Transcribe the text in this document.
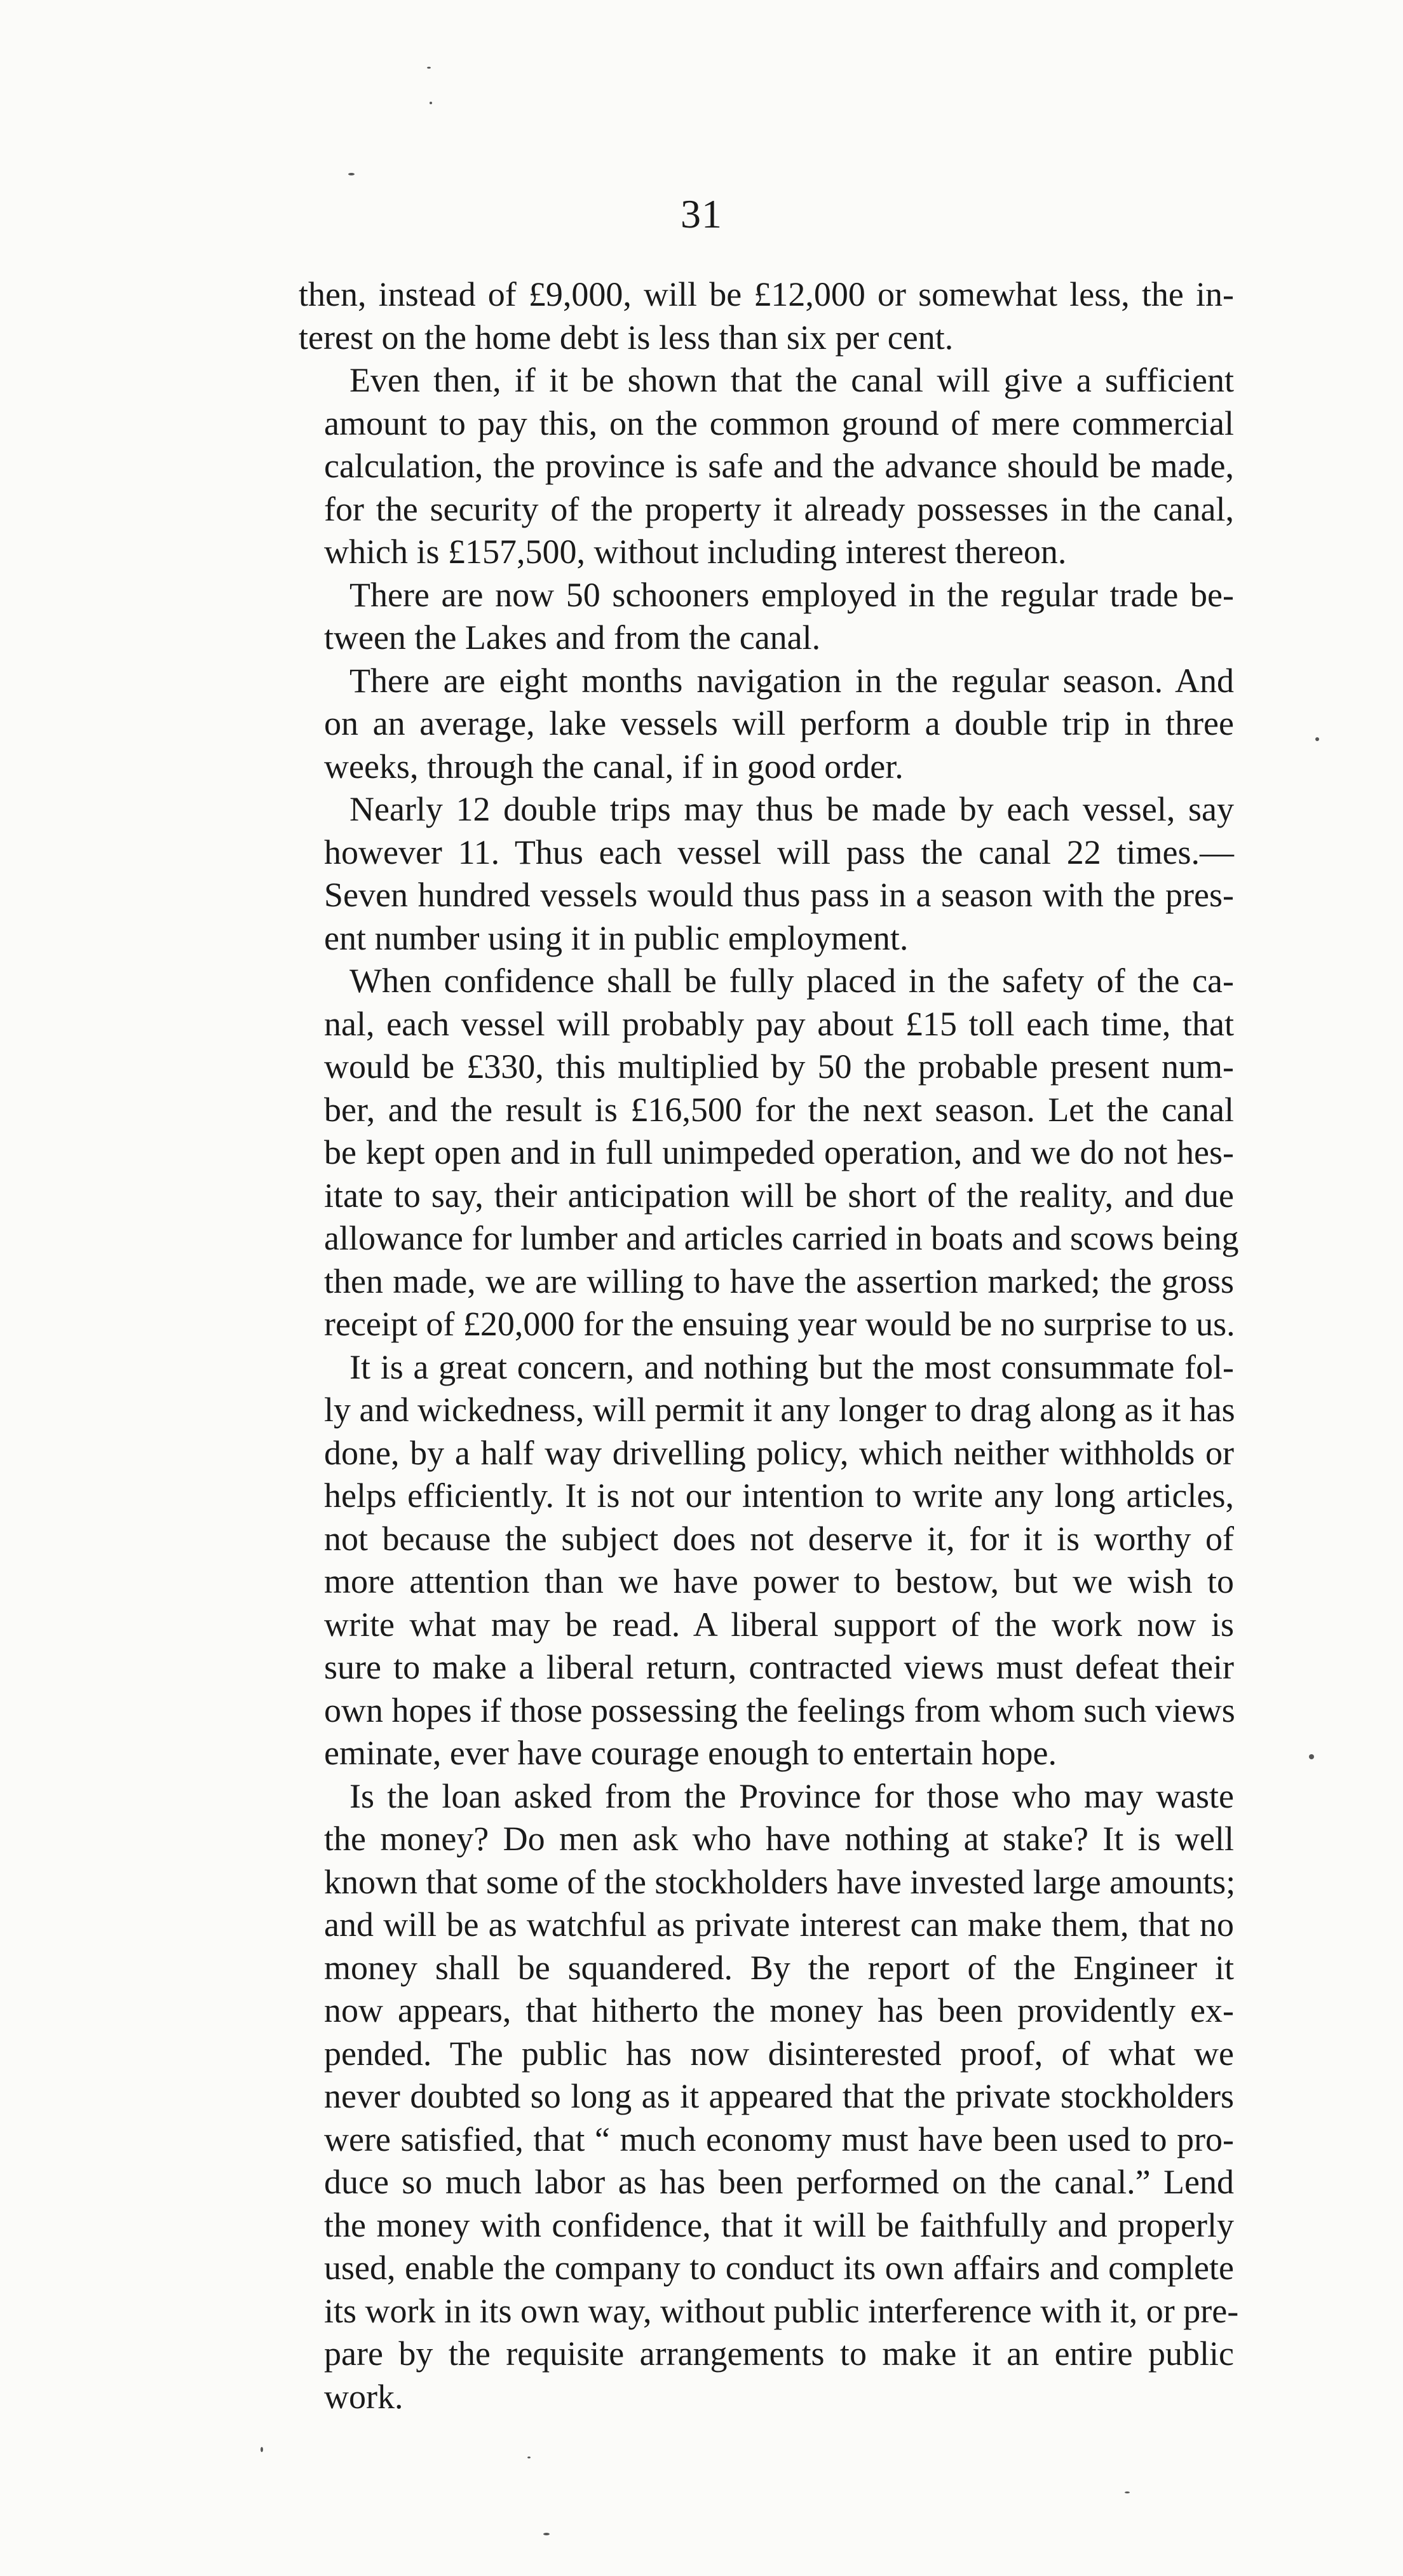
31
then, instead of £9,000, will be £12,000 or somewhat less, the in-
terest on the home debt is less than six per cent.
Even then, if it be shown that the canal will give a sufficient
amount to pay this, on the common ground of mere commercial
calculation, the province is safe and the advance should be made,
for the security of the property it already possesses in the canal,
which is £157,500, without including interest thereon.
There are now 50 schooners employed in the regular trade be-
tween the Lakes and from the canal.
There are eight months navigation in the regular season. And
on an average, lake vessels will perform a double trip in three
weeks, through the canal, if in good order.
Nearly 12 double trips may thus be made by each vessel, say
however 11. Thus each vessel will pass the canal 22 times.—
Seven hundred vessels would thus pass in a season with the pres-
ent number using it in public employment.
When confidence shall be fully placed in the safety of the ca-
nal, each vessel will probably pay about £15 toll each time, that
would be £330, this multiplied by 50 the probable present num-
ber, and the result is £16,500 for the next season. Let the canal
be kept open and in full unimpeded operation, and we do not hes-
itate to say, their anticipation will be short of the reality, and due
allowance for lumber and articles carried in boats and scows being
then made, we are willing to have the assertion marked; the gross
receipt of £20,000 for the ensuing year would be no surprise to us.
It is a great concern, and nothing but the most consummate fol-
ly and wickedness, will permit it any longer to drag along as it has
done, by a half way drivelling policy, which neither withholds or
helps efficiently. It is not our intention to write any long articles,
not because the subject does not deserve it, for it is worthy of
more attention than we have power to bestow, but we wish to
write what may be read. A liberal support of the work now is
sure to make a liberal return, contracted views must defeat their
own hopes if those possessing the feelings from whom such views
eminate, ever have courage enough to entertain hope.
Is the loan asked from the Province for those who may waste
the money? Do men ask who have nothing at stake? It is well
known that some of the stockholders have invested large amounts;
and will be as watchful as private interest can make them, that no
money shall be squandered. By the report of the Engineer it
now appears, that hitherto the money has been providently ex-
pended. The public has now disinterested proof, of what we
never doubted so long as it appeared that the private stockholders
were satisfied, that “ much economy must have been used to pro-
duce so much labor as has been performed on the canal.” Lend
the money with confidence, that it will be faithfully and properly
used, enable the company to conduct its own affairs and complete
its work in its own way, without public interference with it, or pre-
pare by the requisite arrangements to make it an entire public
work.
